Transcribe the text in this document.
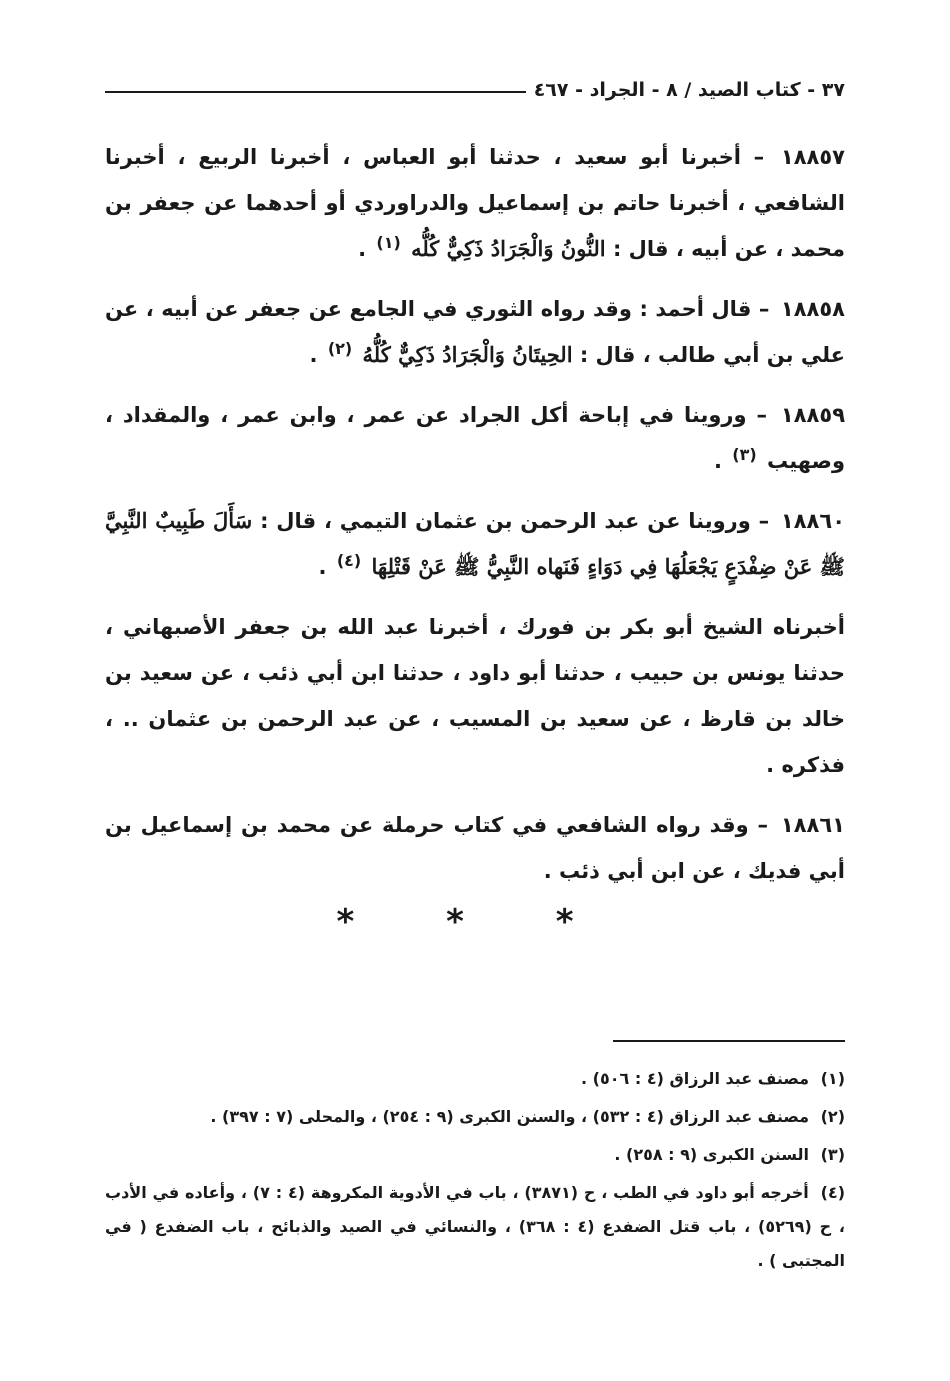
٣٧ - كتاب الصيد / ٨ - الجراد - ٤٦٧

١٨٨٥٧ – أخبرنا أبو سعيد ، حدثنا أبو العباس ، أخبرنا الربيع ، أخبرنا الشافعي ، أخبرنا حاتم بن إسماعيل والدراوردي أو أحدهما عن جعفر بن محمد ، عن أبيه ، قال : النُّونُ وَالْجَرَادُ ذَكِيٌّ كُلُّه $^{(١)}$ .

١٨٨٥٨ – قال أحمد : وقد رواه الثوري في الجامع عن جعفر عن أبيه ، عن علي بن أبي طالب ، قال : الحِيتَانُ وَالْجَرَادُ ذَكِيٌّ كُلُّهُ $^{(٢)}$ .

١٨٨٥٩ – وروينا في إباحة أكل الجراد عن عمر ، وابن عمر ، والمقداد ، وصهيب $^{(٣)}$ .

١٨٨٦٠ – وروينا عن عبد الرحمن بن عثمان التيمي ، قال : سَأَلَ طَبِيبٌ النَّبِيَّ ﷺ عَنْ ضِفْدَعٍ يَجْعَلُهَا فِي دَوَاءٍ فَنَهاه النَّبِيُّ ﷺ عَنْ قَتْلِهَا $^{(٤)}$ .

أخبرناه الشيخ أبو بكر بن فورك ، أخبرنا عبد الله بن جعفر الأصبهاني ، حدثنا يونس بن حبيب ، حدثنا أبو داود ، حدثنا ابن أبي ذئب ، عن سعيد بن خالد بن قارظ ، عن سعيد بن المسيب ، عن عبد الرحمن بن عثمان .. ، فذكره .

١٨٨٦١ – وقد رواه الشافعي في كتاب حرملة عن محمد بن إسماعيل بن أبي فديك ، عن ابن أبي ذئب .

* * *

(١) مصنف عبد الرزاق (٤ : ٥٠٦) .

(٢) مصنف عبد الرزاق (٤ : ٥٣٢) ، والسنن الكبرى (٩ : ٢٥٤) ، والمحلى (٧ : ٣٩٧) .

(٣) السنن الكبرى (٩ : ٢٥٨) .

(٤) أخرجه أبو داود في الطب ، ح (٣٨٧١) ، باب في الأدوية المكروهة (٤ : ٧) ، وأعاده في الأدب ، ح (٥٢٦٩) ، باب قتل الضفدع (٤ : ٣٦٨) ، والنسائي في الصيد والذبائح ، باب الضفدع ( في المجتبى ) .
